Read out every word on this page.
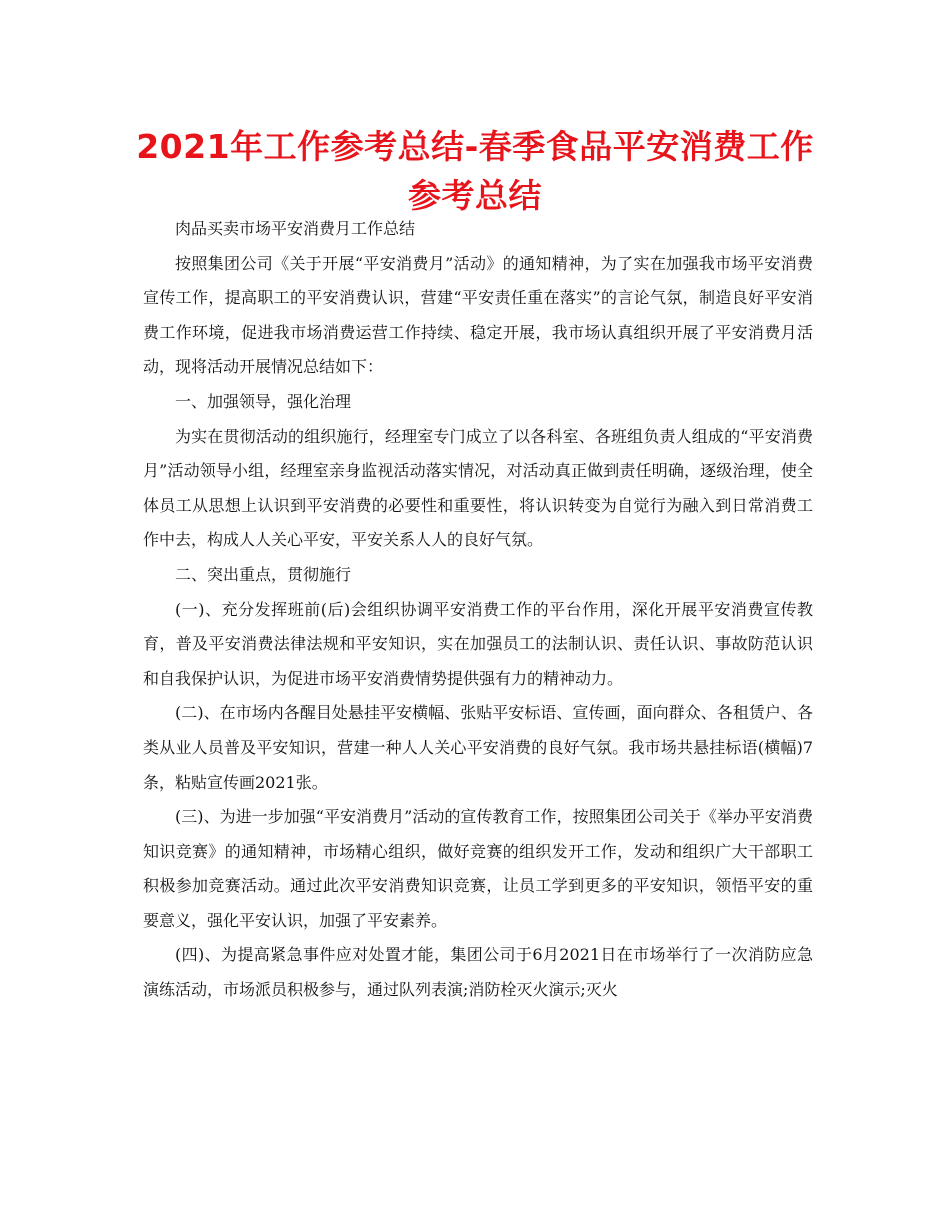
2021年工作参考总结-春季食品平安消费工作参考总结

肉品买卖市场平安消费月工作总结

按照集团公司《关于开展“平安消费月”活动》的通知精神，为了实在加强我市场平安消费宣传工作，提高职工的平安消费认识，营建“平安责任重在落实”的言论气氛，制造良好平安消费工作环境，促进我市场消费运营工作持续、稳定开展，我市场认真组织开展了平安消费月活动，现将活动开展情况总结如下：

一、加强领导，强化治理

为实在贯彻活动的组织施行，经理室专门成立了以各科室、各班组负责人组成的“平安消费月”活动领导小组，经理室亲身监视活动落实情况，对活动真正做到责任明确，逐级治理，使全体员工从思想上认识到平安消费的必要性和重要性，将认识转变为自觉行为融入到日常消费工作中去，构成人人关心平安，平安关系人人的良好气氛。

二、突出重点，贯彻施行

(一)、充分发挥班前(后)会组织协调平安消费工作的平台作用，深化开展平安消费宣传教育，普及平安消费法律法规和平安知识，实在加强员工的法制认识、责任认识、事故防范认识和自我保护认识，为促进市场平安消费情势提供强有力的精神动力。

(二)、在市场内各醒目处悬挂平安横幅、张贴平安标语、宣传画，面向群众、各租赁户、各类从业人员普及平安知识，营建一种人人关心平安消费的良好气氛。我市场共悬挂标语(横幅)7条，粘贴宣传画2021张。

(三)、为进一步加强“平安消费月”活动的宣传教育工作，按照集团公司关于《举办平安消费知识竞赛》的通知精神，市场精心组织，做好竞赛的组织发开工作，发动和组织广大干部职工积极参加竞赛活动。通过此次平安消费知识竞赛，让员工学到更多的平安知识，领悟平安的重要意义，强化平安认识，加强了平安素养。

(四)、为提高紧急事件应对处置才能，集团公司于6月2021日在市场举行了一次消防应急演练活动，市场派员积极参与，通过队列表演;消防栓灭火演示;灭火
